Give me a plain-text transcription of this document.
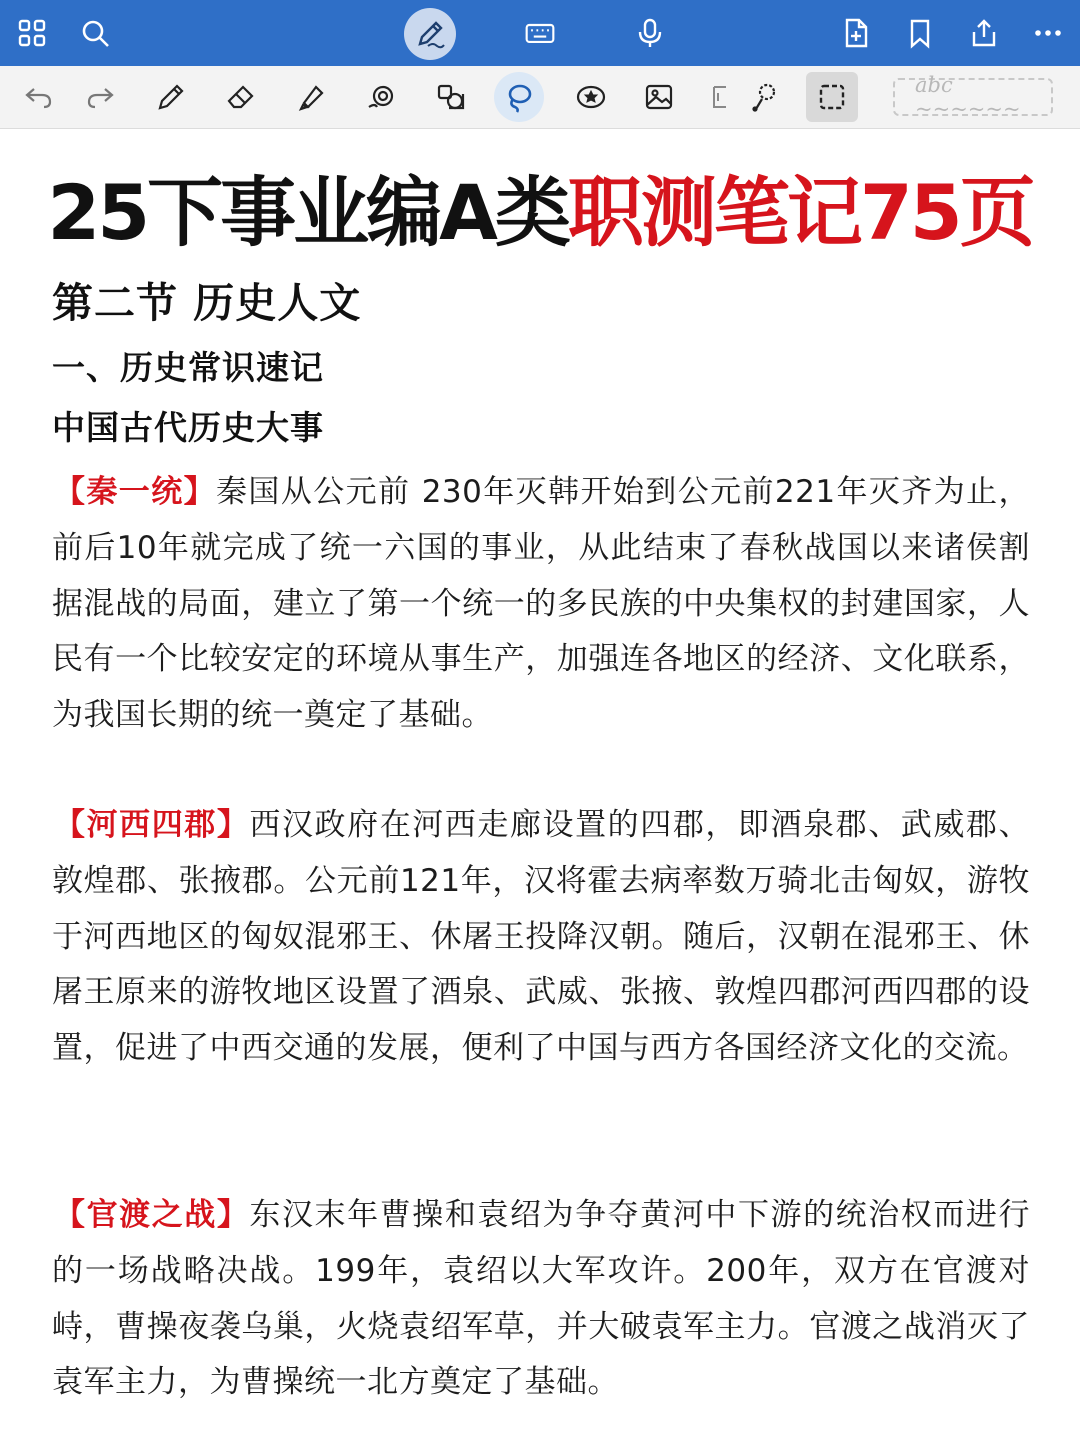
abc ~~~~~~
25下事业编A类职测笔记75页
第二节 历史人文
一、历史常识速记
中国古代历史大事
【秦一统】秦国从公元前 230年灭韩开始到公元前221年灭齐为止，前后10年就完成了统一六国的事业，从此结束了春秋战国以来诸侯割据混战的局面，建立了第一个统一的多民族的中央集权的封建国家，人民有一个比较安定的环境从事生产，加强连各地区的经济、文化联系，为我国长期的统一奠定了基础。
【河西四郡】西汉政府在河西走廊设置的四郡，即酒泉郡、武威郡、敦煌郡、张掖郡。公元前121年，汉将霍去病率数万骑北击匈奴，游牧于河西地区的匈奴混邪王、休屠王投降汉朝。随后，汉朝在混邪王、休屠王原来的游牧地区设置了酒泉、武威、张掖、敦煌四郡河西四郡的设置，促进了中西交通的发展，便利了中国与西方各国经济文化的交流。
【官渡之战】东汉末年曹操和袁绍为争夺黄河中下游的统治权而进行的一场战略决战。199年，袁绍以大军攻许。200年，双方在官渡对峙，曹操夜袭乌巢，火烧袁绍军草，并大破袁军主力。官渡之战消灭了袁军主力，为曹操统一北方奠定了基础。
